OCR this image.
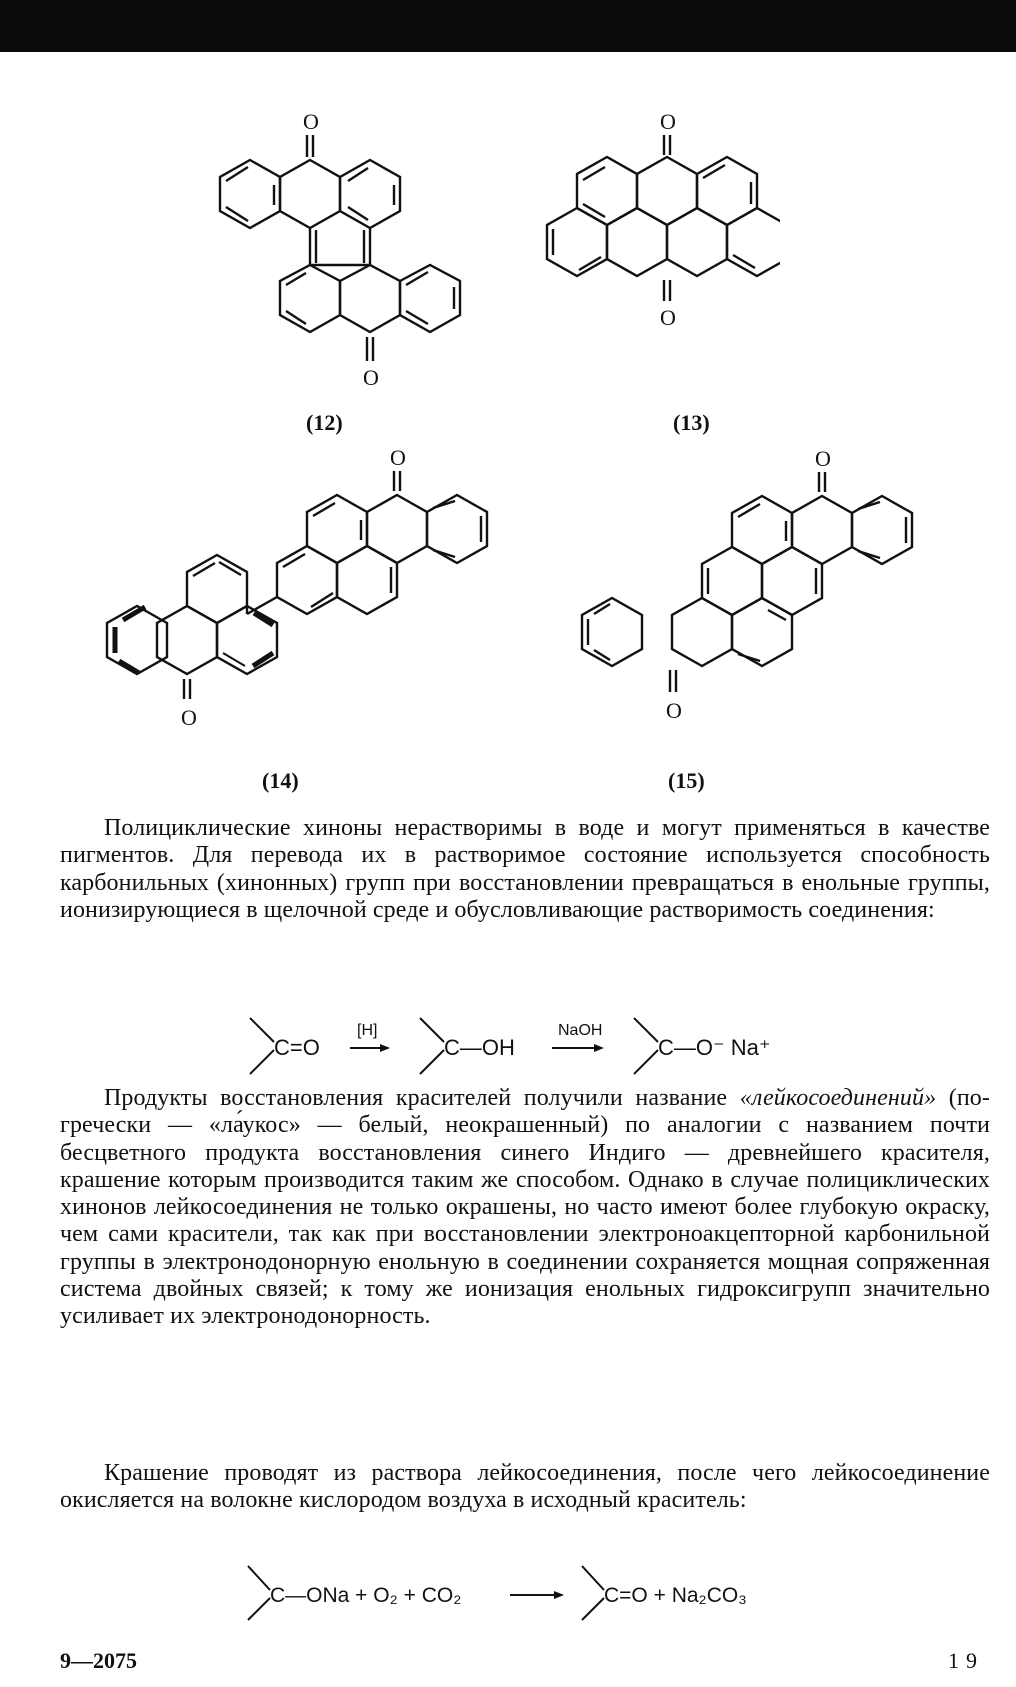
O
O
(12)
O
O
(13)
O
O
(14)
O
O
(15)

Полициклические хиноны нерастворимы в воде и могут применяться в качестве пигментов. Для перевода их в растворимое состояние используется способность карбонильных (хинонных) групп при восстановлении превращаться в енольные группы, ионизирующиеся в щелочной среде и обусловливающие растворимость соединения:

C=O
[H]
C—OH
NaOH
C—O⁻ Na⁺

Продукты восстановления красителей получили название «лейкосоединений» (по-гречески — «ла́укос» — белый, неокрашенный) по аналогии с названием почти бесцветного продукта восстановления синего Индиго — древнейшего красителя, крашение которым производится таким же способом. Однако в случае полициклических хинонов лейкосоединения не только окрашены, но часто имеют более глубокую окраску, чем сами красители, так как при восстановлении электроноакцепторной карбонильной группы в электронодонорную енольную в соединении сохраняется мощная сопряженная система двойных связей; к тому же ионизация енольных гидроксигрупп значительно усиливает их электронодонорность.

Крашение проводят из раствора лейкосоединения, после чего лейкосоединение окисляется на волокне кислородом воздуха в исходный краситель:

C—ONa + O₂ + CO₂	C=O + Na₂CO₃
9—2075	19
